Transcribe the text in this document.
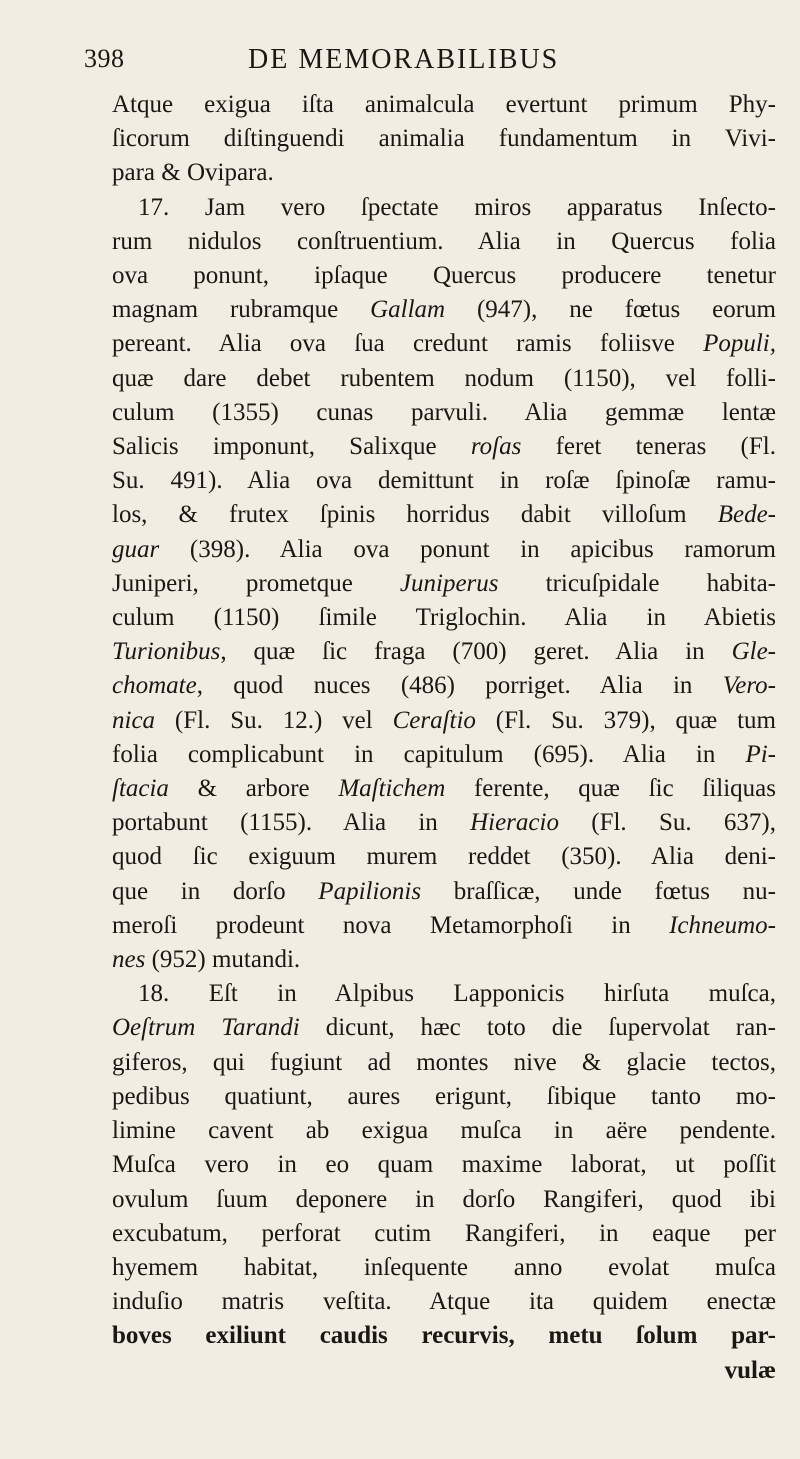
398	DE MEMORABILIBUS
Atque exigua iſta animalcula evertunt primum Phy-
ſicorum diſtinguendi animalia fundamentum in Vivi-
para & Ovipara.
17. Jam vero ſpectate miros apparatus Inſecto-
rum nidulos conſtruentium. Alia in Quercus folia
ova ponunt, ipſaque Quercus producere tenetur
magnam rubramque Gallam (947), ne fœtus eorum
pereant. Alia ova ſua credunt ramis foliisve Populi,
quæ dare debet rubentem nodum (1150), vel folli-
culum (1355) cunas parvuli. Alia gemmæ lentæ
Salicis imponunt, Salixque roſas feret teneras (Fl.
Su. 491). Alia ova demittunt in roſæ ſpinoſæ ramu-
los, & frutex ſpinis horridus dabit villoſum Bede-
guar (398). Alia ova ponunt in apicibus ramorum
Juniperi, prometque Juniperus tricuſpidale habita-
culum (1150) ſimile Triglochin. Alia in Abietis
Turionibus, quæ ſic fraga (700) geret. Alia in Gle-
chomate, quod nuces (486) porriget. Alia in Vero-
nica (Fl. Su. 12.) vel Ceraſtio (Fl. Su. 379), quæ tum
folia complicabunt in capitulum (695). Alia in Pi-
ſtacia & arbore Maſtichem ferente, quæ ſic ſiliquas
portabunt (1155). Alia in Hieracio (Fl. Su. 637),
quod ſic exiguum murem reddet (350). Alia deni-
que in dorſo Papilionis braſſicæ, unde fœtus nu-
meroſi prodeunt nova Metamorphoſi in Ichneumo-
nes (952) mutandi.
18. Eſt in Alpibus Lapponicis hirſuta muſca,
Oeſtrum Tarandi dicunt, hæc toto die ſupervolat ran-
giferos, qui fugiunt ad montes nive & glacie tectos,
pedibus quatiunt, aures erigunt, ſibique tanto mo-
limine cavent ab exigua muſca in aëre pendente.
Muſca vero in eo quam maxime laborat, ut poſſit
ovulum ſuum deponere in dorſo Rangiferi, quod ibi
excubatum, perforat cutim Rangiferi, in eaque per
hyemem habitat, inſequente anno evolat muſca
induſio matris veſtita. Atque ita quidem enectæ
boves exiliunt caudis recurvis, metu ſolum par-
vulæ
